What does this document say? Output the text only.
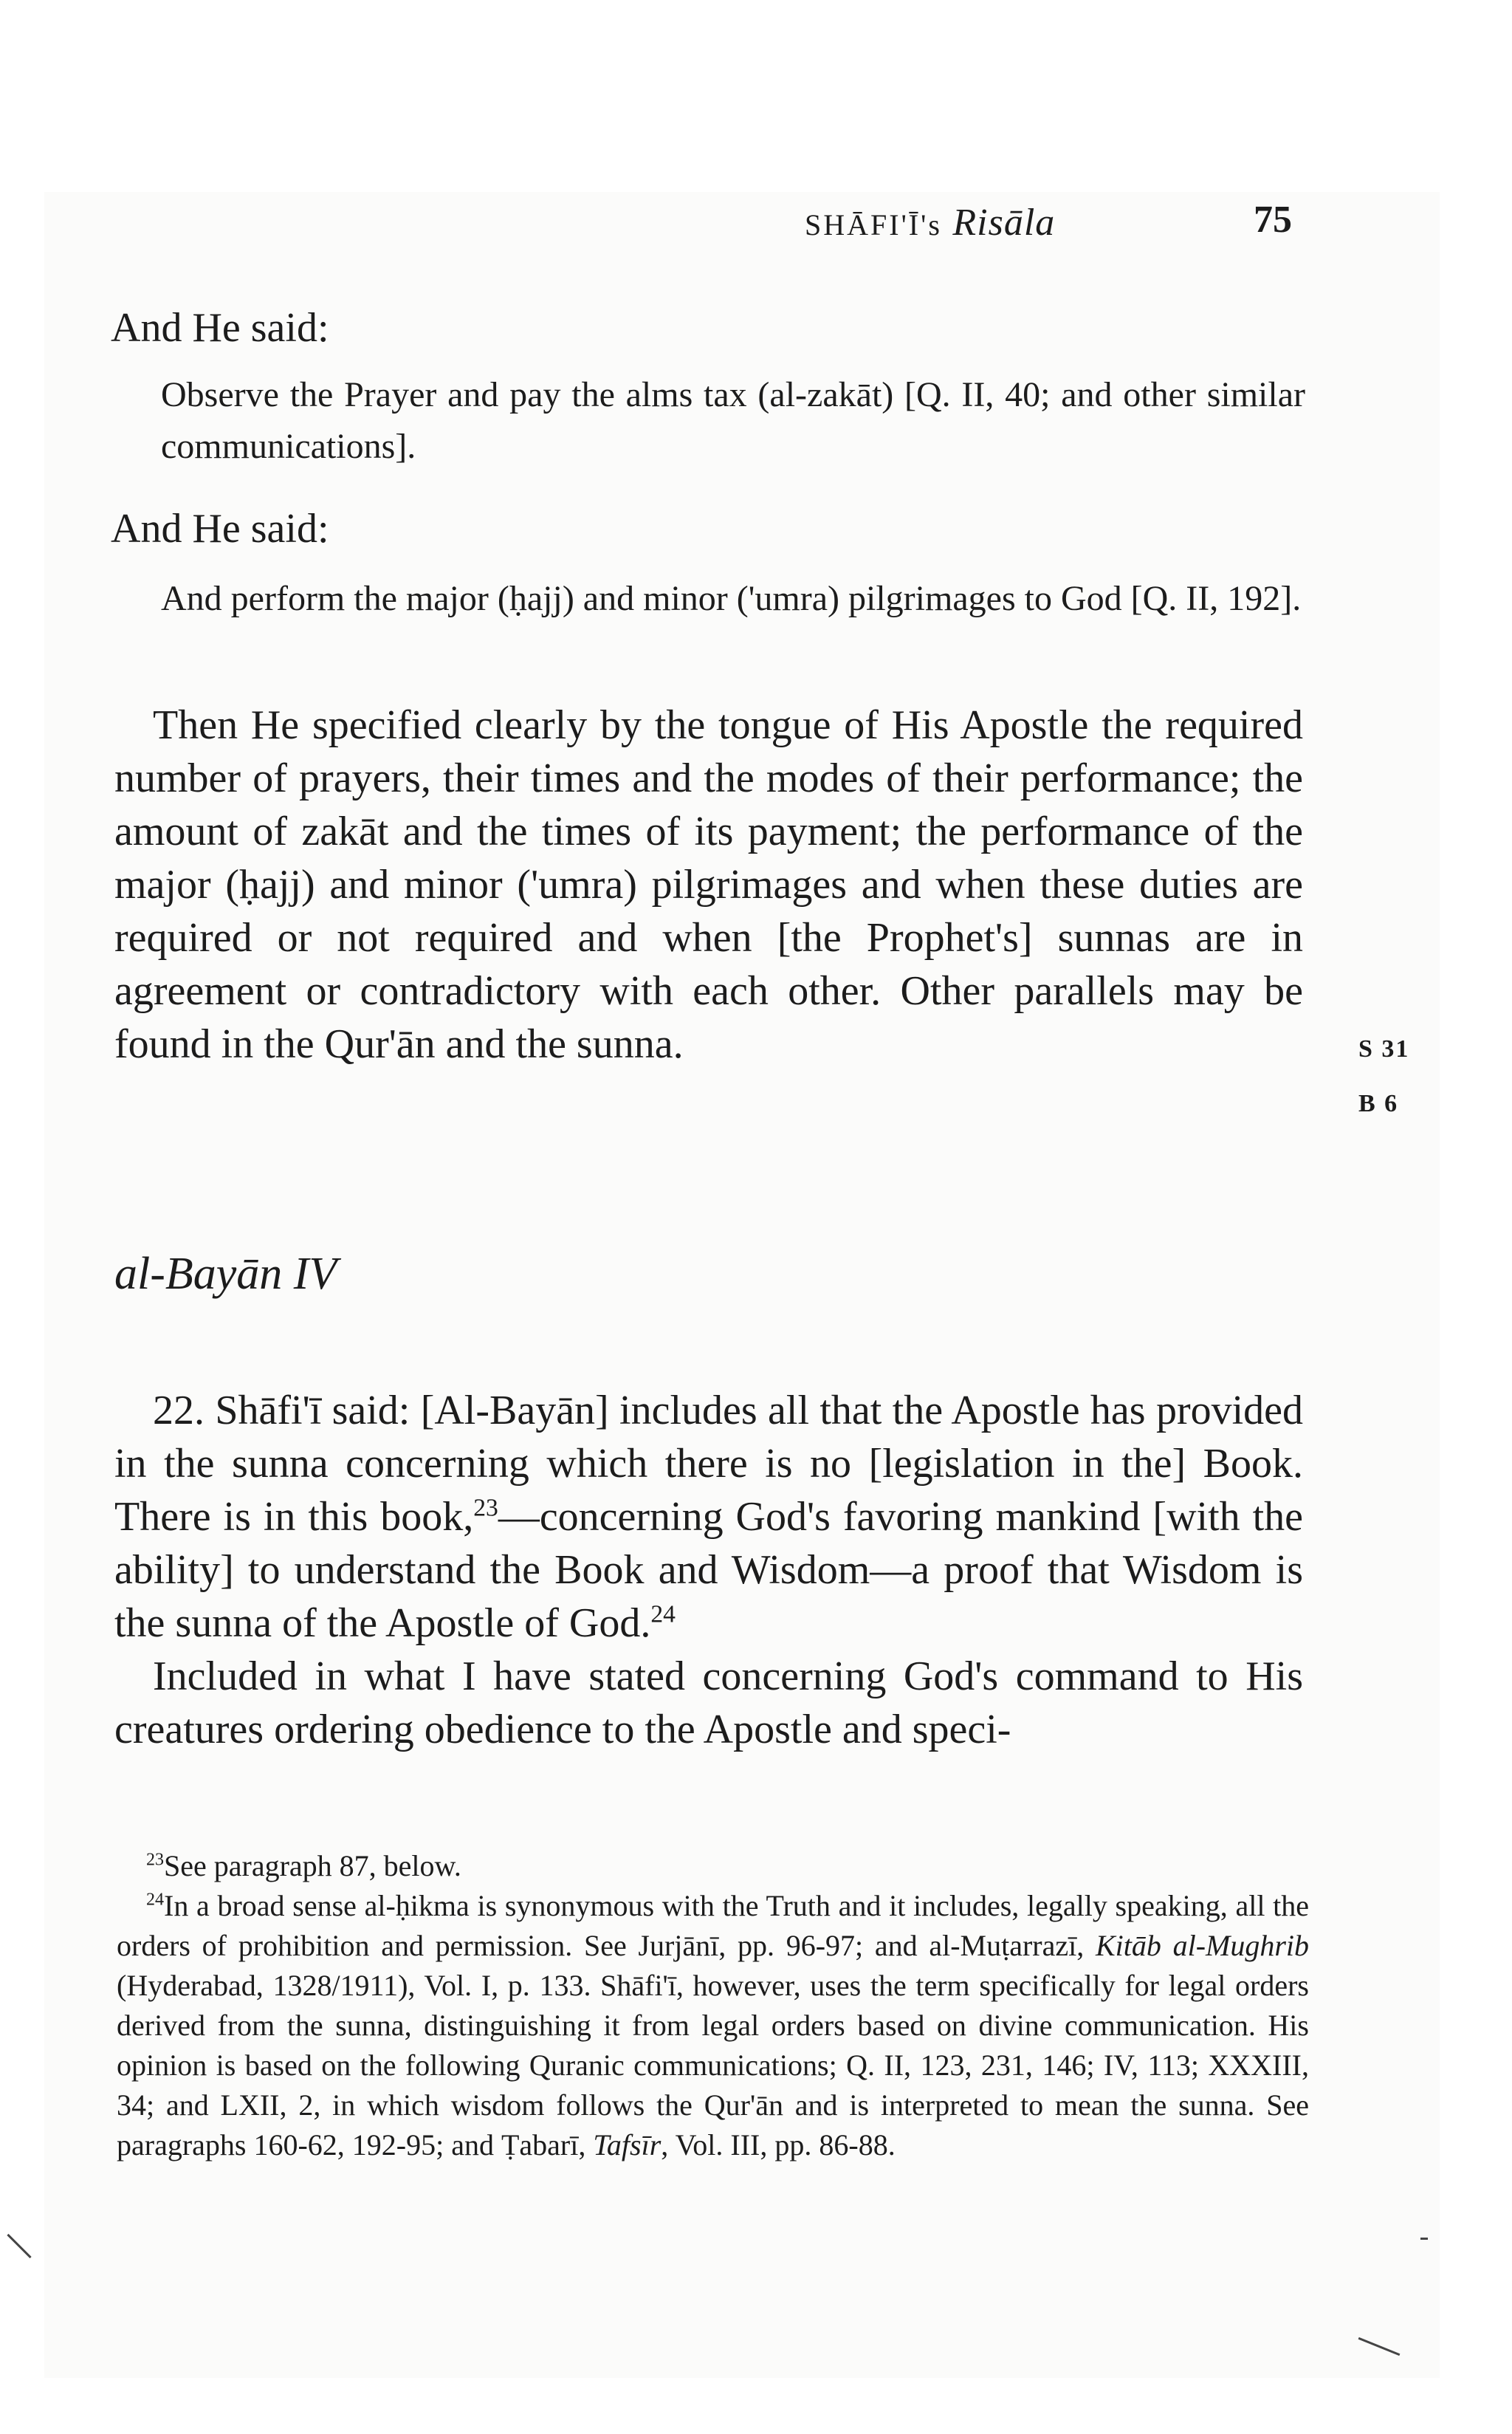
SHĀFI'Ī's Risāla	75
And He said:
Observe the Prayer and pay the alms tax (al-zakāt) [Q. II, 40; and other similar communications].
And He said:
And perform the major (ḥajj) and minor ('umra) pilgrimages to God [Q. II, 192].
Then He specified clearly by the tongue of His Apostle the required number of prayers, their times and the modes of their performance; the amount of zakāt and the times of its payment; the performance of the major (ḥajj) and minor ('umra) pilgrimages and when these duties are required or not required and when [the Prophet's] sunnas are in agreement or contradictory with each other. Other parallels may be found in the Qur'ān and the sunna.	S 31
B 6
al-Bayān IV

22. Shāfi'ī said: [Al-Bayān] includes all that the Apostle has provided in the sunna concerning which there is no [legislation in the] Book. There is in this book,$^{23}$—concerning God's favoring mankind [with the ability] to understand the Book and Wisdom—a proof that Wisdom is the sunna of the Apostle of God.$^{24}$

Included in what I have stated concerning God's command to His creatures ordering obedience to the Apostle and speci-

$^{23}$See paragraph 87, below.

$^{24}$In a broad sense al-ḥikma is synonymous with the Truth and it includes, legally speaking, all the orders of prohibition and permission. See Jurjānī, pp. 96-97; and al-Muṭarrazī, Kitāb al-Mughrib (Hyderabad, 1328/1911), Vol. I, p. 133. Shāfi'ī, however, uses the term specifically for legal orders derived from the sunna, distinguishing it from legal orders based on divine communication. His opinion is based on the following Quranic communications; Q. II, 123, 231, 146; IV, 113; XXXIII, 34; and LXII, 2, in which wisdom follows the Qur'ān and is interpreted to mean the sunna. See paragraphs 160-62, 192-95; and Ṭabarī, Tafsīr, Vol. III, pp. 86-88.
